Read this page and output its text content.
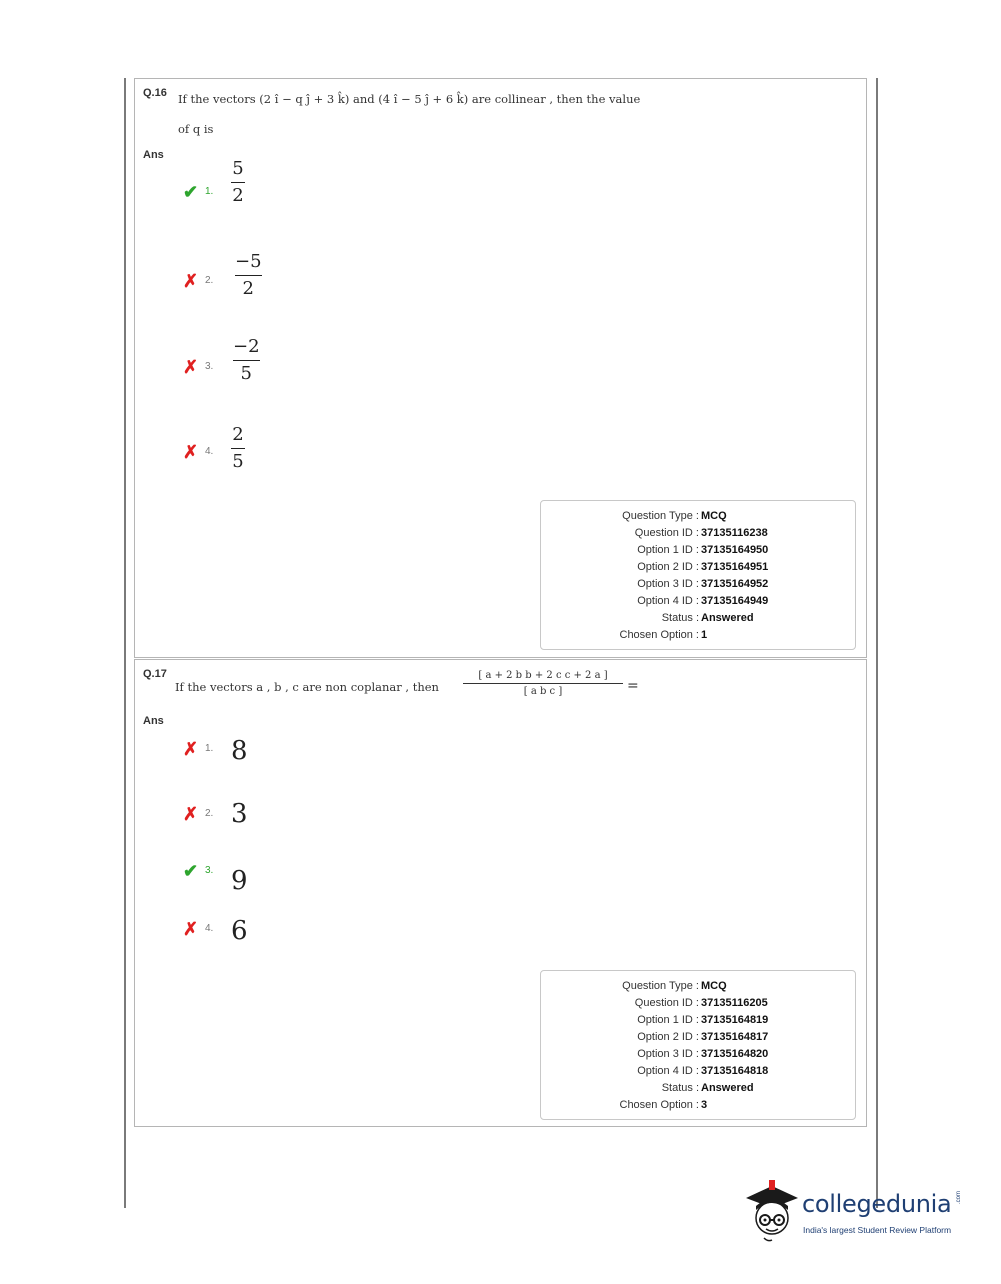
Q.16 If the vectors (2 î − q ĵ + 3 k̂) and (4 î − 5 ĵ + 6 k̂) are collinear , then the value
of q is
Ans
✔ 1.
5
2
✗ 2.
−5
2
✗ 3.
−2
5
✗ 4.
2
5
Question Type : MCQ
Question ID : 37135116238
Option 1 ID : 37135164950
Option 2 ID : 37135164951
Option 3 ID : 37135164952
Option 4 ID : 37135164949
Status : Answered
Chosen Option : 1
Q.17
If the vectors a , b , c are non coplanar , then
[ a + 2 b b + 2 c c + 2 a ]
[ a b c ]	=
Ans
✗ 1. 8
✗ 2. 3
✔ 3. 9
✗ 4. 6
Question Type : MCQ
Question ID : 37135116205
Option 1 ID : 37135164819
Option 2 ID : 37135164817
Option 3 ID : 37135164820
Option 4 ID : 37135164818
Status : Answered
Chosen Option : 3
collegedunia .com
India's largest Student Review Platform
